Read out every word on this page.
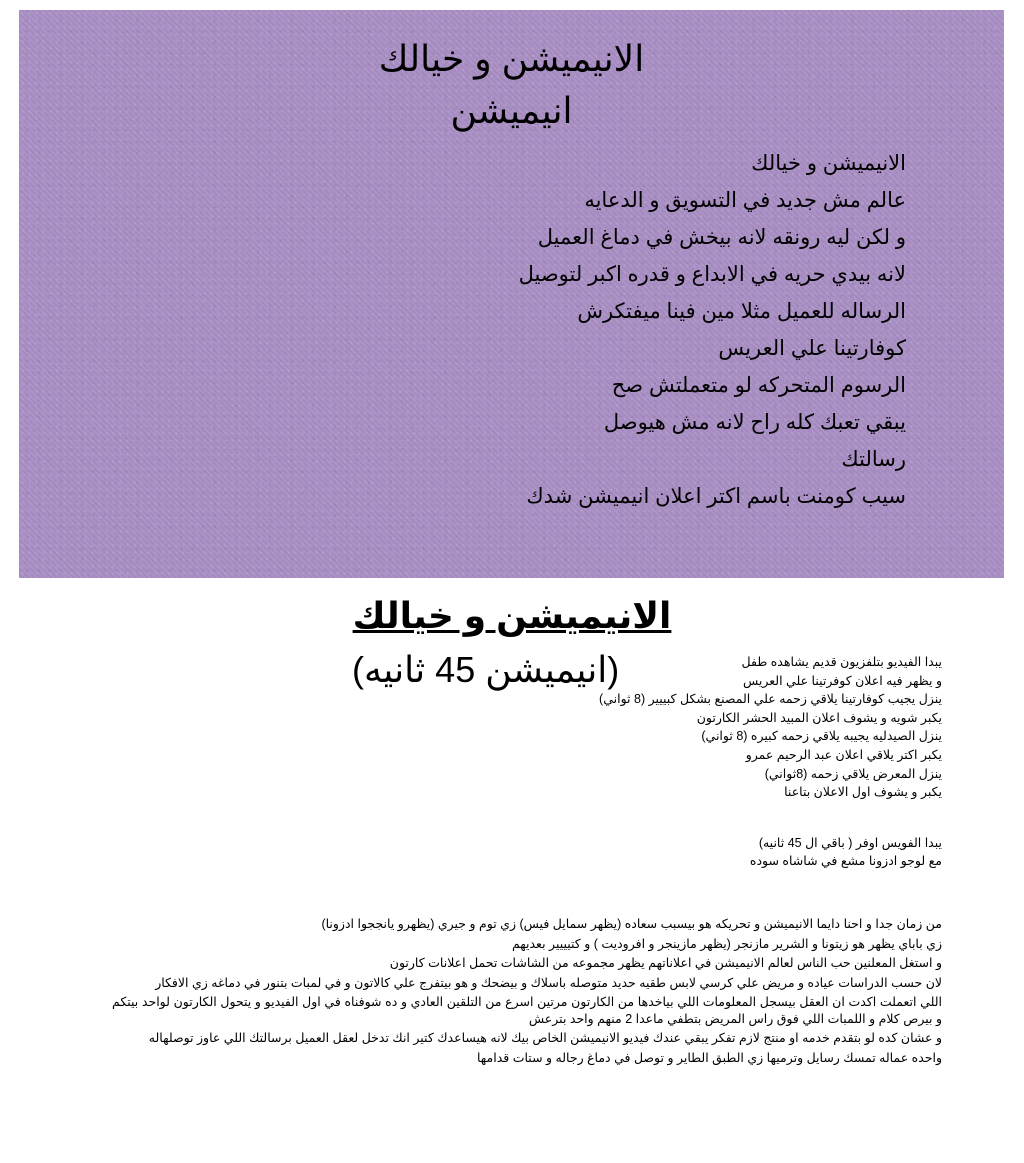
الانيميشن و خيالك
انيميشن
الانيميشن و خيالك
عالم مش جديد في التسويق و الدعايه
و لكن ليه رونقه لانه بيخش في دماغ العميل
لانه بيدي حريه في الابداع و قدره اكبر لتوصيل
الرساله للعميل مثلا مين فينا ميفتكرش
كوفارتينا علي العريس
الرسوم المتحركه لو متعملتش صح
يبقي تعبك كله راح لانه مش هيوصل
رسالتك
سيب كومنت باسم اكتر اعلان انيميشن شدك
الانيميشن و خيالك
(انيميشن 45 ثانيه)	يبدا الفيديو بتلفزيون قديم يشاهده طفل
و يظهر فيه اعلان كوفرتينا علي العريس
ينزل يجيب كوفارتينا يلاقي زحمه علي المصنع بشكل كبييير (8 ثواني)
يكبر شويه و يشوف اعلان المبيد الحشر الكارتون
ينزل الصيدليه يجيبه يلاقي زحمه كبيره (8 ثواني)
يكبر اكتر يلاقي اعلان عبد الرحيم عمرو
ينزل المعرض يلاقي زحمه (8ثواني)
يكبر و يشوف اول الاعلان بتاعنا
يبدا الفويس اوفر ( باقي ال 45 ثانيه)
مع لوجو ادزونا مشع في شاشاه سوده

من زمان جدا و احنا دايما الانيميشن و تحريكه هو بيسبب سعاده (يظهر سمايل فيس) زي توم و جيري (يظهرو يانججوا ادزونا)

زي باباي يظهر هو زيتونا و الشرير مازنجر (يظهر مازينجر و افروديت ) و كتيييير بعديهم

و استغل المعلنين حب الناس لعالم الانيميشن في اعلاناتهم يظهر مجموعه من الشاشات تحمل اعلانات كارتون

لان حسب الدراسات عياده و مريض علي كرسي لابس طقيه حديد متوصله باسلاك و بيضحك و هو بيتفرج علي كالاتون و في لمبات بتنور في دماغه زي الافكار

اللي اتعملت اكدت ان العقل بيسجل المعلومات اللي بياخدها من الكارتون مرتين اسرع من التلقين العادي و ده شوفناه في اول الفيديو و يتحول الكارتون لواحد بيتكم و بيرص كلام و اللمبات اللي فوق راس المريض بتطفي ماعدا 2 منهم واحد بترعش

و عشان كده لو بتقدم خدمه او منتج لازم تفكر يبقي عندك فيديو الانيميشن الخاص بيك لانه هيساعدك كتير انك تدخل لعقل العميل برسالتك اللي عاوز توصلهاله

واحده عماله تمسك رسايل وترميها زي الطبق الطاير و توصل في دماغ رجاله و ستات قدامها
